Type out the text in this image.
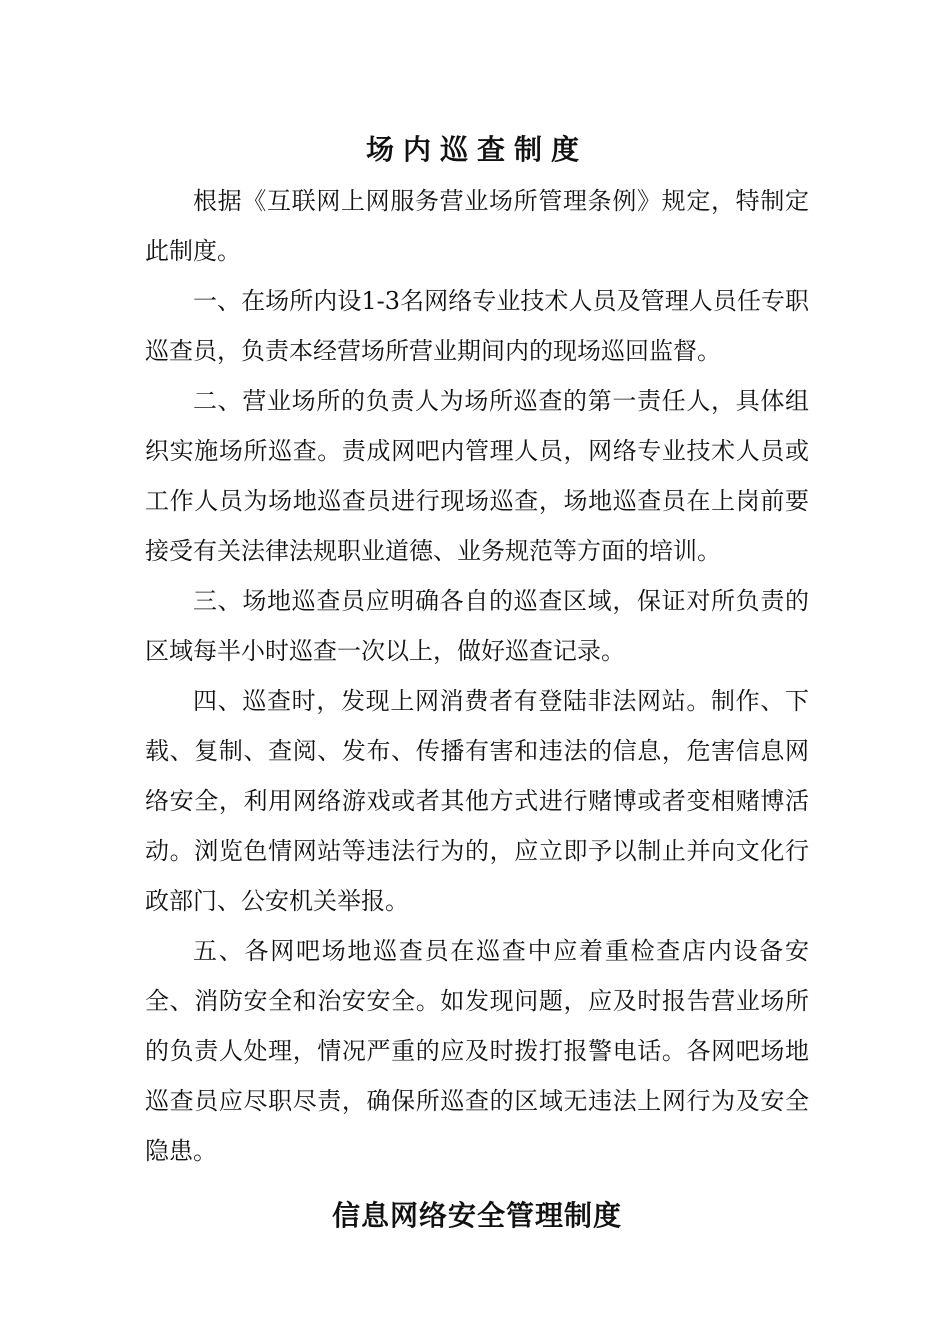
场内巡查制度

根据《互联网上网服务营业场所管理条例》规定，特制定此制度。

一、在场所内设1-3名网络专业技术人员及管理人员任专职巡查员，负责本经营场所营业期间内的现场巡回监督。

二、营业场所的负责人为场所巡查的第一责任人，具体组织实施场所巡查。责成网吧内管理人员，网络专业技术人员或工作人员为场地巡查员进行现场巡查，场地巡查员在上岗前要接受有关法律法规职业道德、业务规范等方面的培训。

三、场地巡查员应明确各自的巡查区域，保证对所负责的区域每半小时巡查一次以上，做好巡查记录。

四、巡查时，发现上网消费者有登陆非法网站。制作、下载、复制、查阅、发布、传播有害和违法的信息，危害信息网络安全，利用网络游戏或者其他方式进行赌博或者变相赌博活动。浏览色情网站等违法行为的，应立即予以制止并向文化行政部门、公安机关举报。

五、各网吧场地巡查员在巡查中应着重检查店内设备安全、消防安全和治安安全。如发现问题，应及时报告营业场所的负责人处理，情况严重的应及时拨打报警电话。各网吧场地巡查员应尽职尽责，确保所巡查的区域无违法上网行为及安全隐患。

信息网络安全管理制度
